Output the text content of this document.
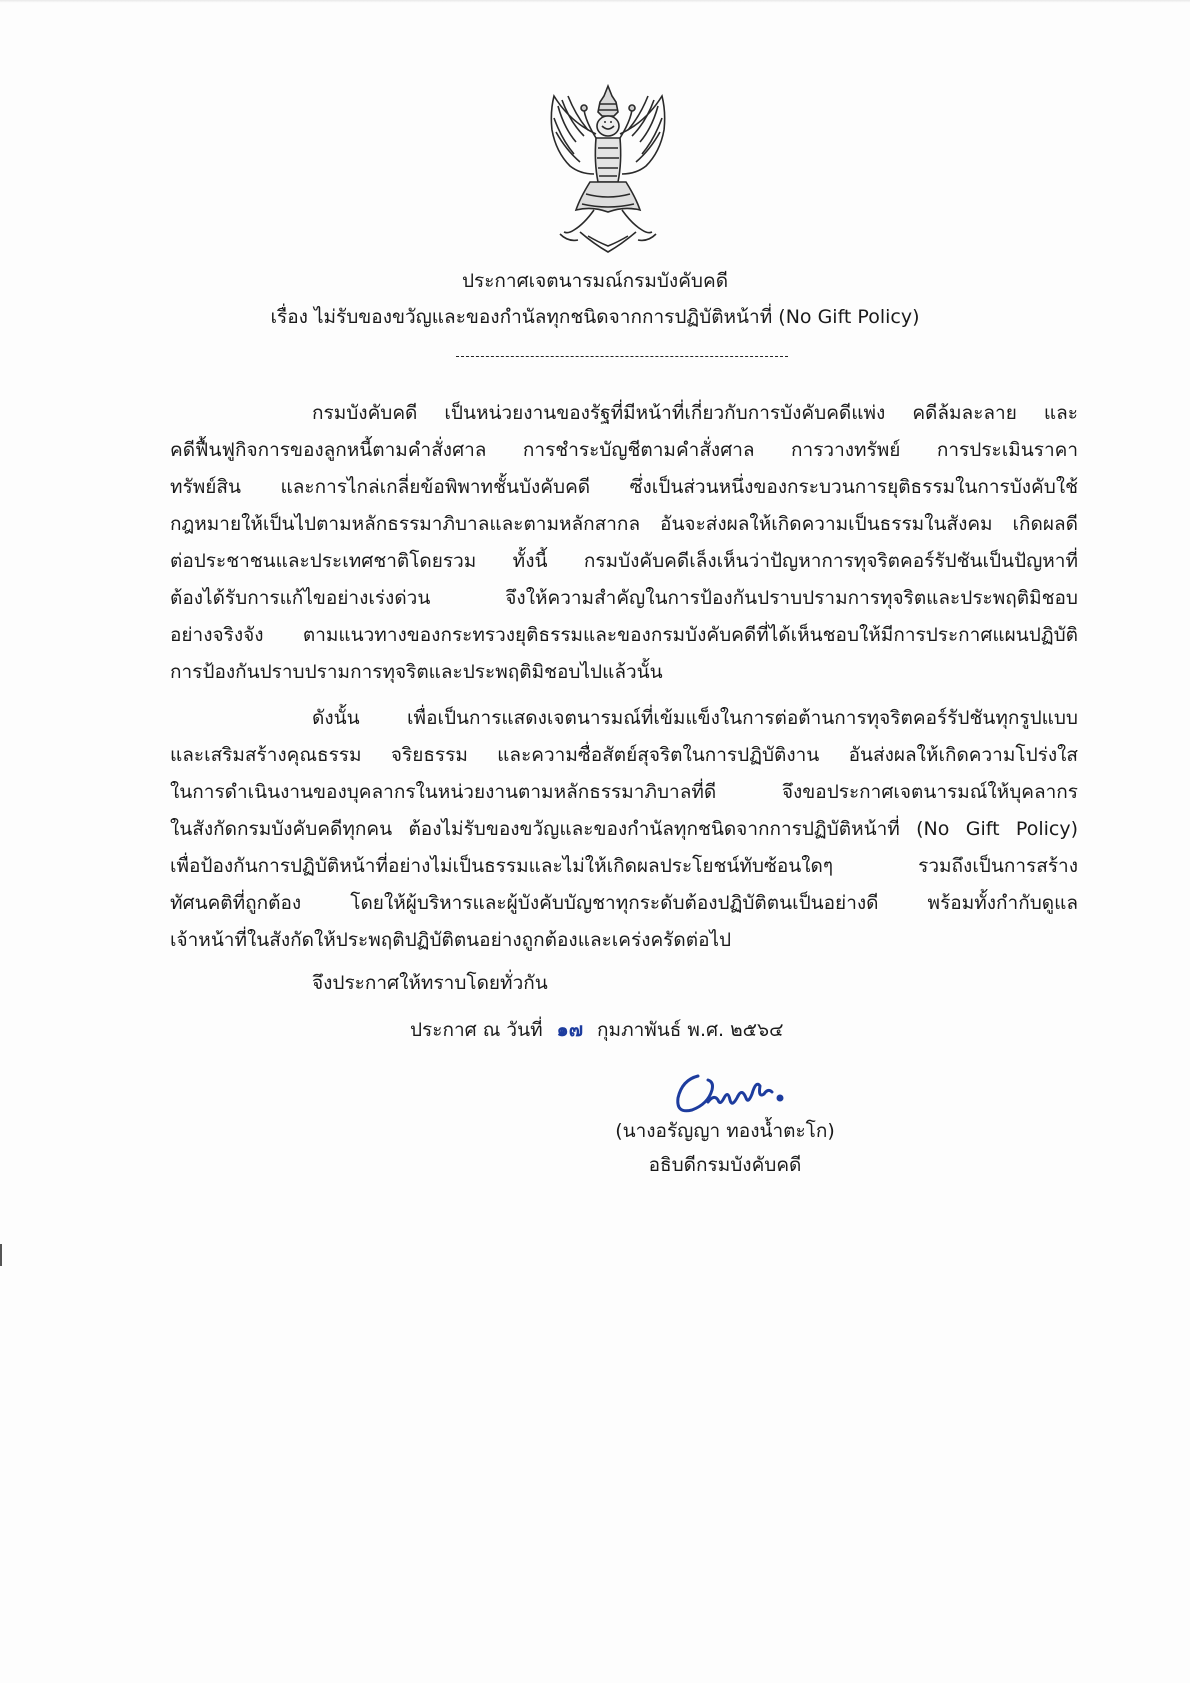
ประกาศเจตนารมณ์กรมบังคับคดี
เรื่อง ไม่รับของขวัญและของกำนัลทุกชนิดจากการปฏิบัติหน้าที่ (No Gift Policy)
กรมบังคับคดี เป็นหน่วยงานของรัฐที่มีหน้าที่เกี่ยวกับการบังคับคดีแพ่ง คดีล้มละลาย และ
คดีฟื้นฟูกิจการของลูกหนี้ตามคำสั่งศาล การชำระบัญชีตามคำสั่งศาล การวางทรัพย์ การประเมินราคา
ทรัพย์สิน และการไกล่เกลี่ยข้อพิพาทชั้นบังคับคดี ซึ่งเป็นส่วนหนึ่งของกระบวนการยุติธรรมในการบังคับใช้
กฎหมายให้เป็นไปตามหลักธรรมาภิบาลและตามหลักสากล อันจะส่งผลให้เกิดความเป็นธรรมในสังคม เกิดผลดี
ต่อประชาชนและประเทศชาติโดยรวม ทั้งนี้ กรมบังคับคดีเล็งเห็นว่าปัญหาการทุจริตคอร์รัปชันเป็นปัญหาที่
ต้องได้รับการแก้ไขอย่างเร่งด่วน จึงให้ความสำคัญในการป้องกันปราบปรามการทุจริตและประพฤติมิชอบ
อย่างจริงจัง ตามแนวทางของกระทรวงยุติธรรมและของกรมบังคับคดีที่ได้เห็นชอบให้มีการประกาศแผนปฏิบัติ
การป้องกันปราบปรามการทุจริตและประพฤติมิชอบไปแล้วนั้น
ดังนั้น เพื่อเป็นการแสดงเจตนารมณ์ที่เข้มแข็งในการต่อต้านการทุจริตคอร์รัปชันทุกรูปแบบ
และเสริมสร้างคุณธรรม จริยธรรม และความซื่อสัตย์สุจริตในการปฏิบัติงาน อันส่งผลให้เกิดความโปร่งใส
ในการดำเนินงานของบุคลากรในหน่วยงานตามหลักธรรมาภิบาลที่ดี จึงขอประกาศเจตนารมณ์ให้บุคลากร
ในสังกัดกรมบังคับคดีทุกคน ต้องไม่รับของขวัญและของกำนัลทุกชนิดจากการปฏิบัติหน้าที่ (No Gift Policy)
เพื่อป้องกันการปฏิบัติหน้าที่อย่างไม่เป็นธรรมและไม่ให้เกิดผลประโยชน์ทับซ้อนใดๆ รวมถึงเป็นการสร้าง
ทัศนคติที่ถูกต้อง โดยให้ผู้บริหารและผู้บังคับบัญชาทุกระดับต้องปฏิบัติตนเป็นอย่างดี พร้อมทั้งกำกับดูแล
เจ้าหน้าที่ในสังกัดให้ประพฤติปฏิบัติตนอย่างถูกต้องและเคร่งครัดต่อไป
จึงประกาศให้ทราบโดยทั่วกัน
ประกาศ ณ วันที่ ๑๗ กุมภาพันธ์ พ.ศ. ๒๕๖๔
(นางอรัญญา ทองน้ำตะโก)
อธิบดีกรมบังคับคดี
